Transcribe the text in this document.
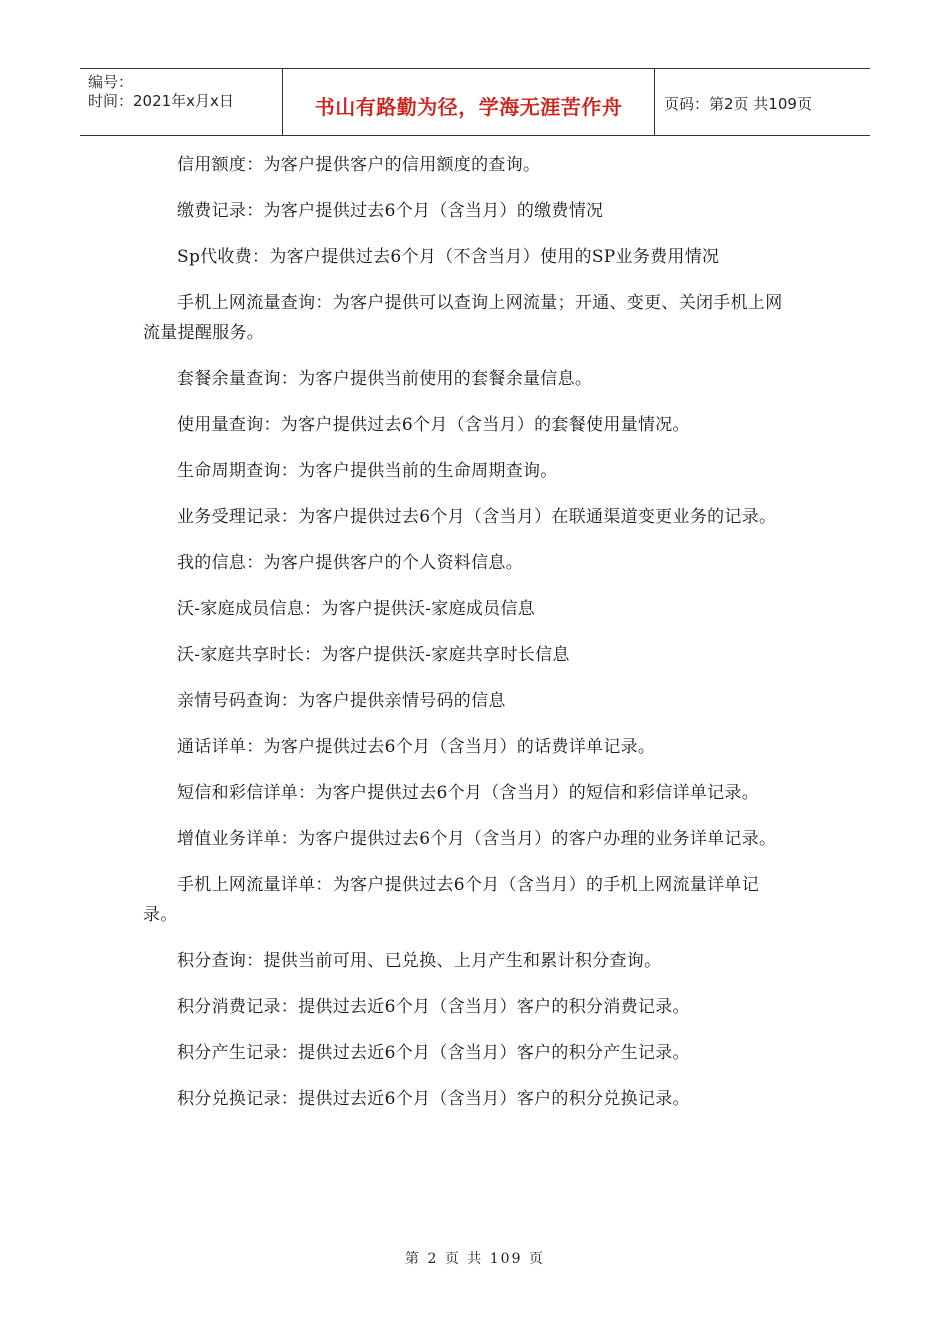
编号：
时间：2021年x月x日	书山有路勤为径，学海无涯苦作舟	页码：第2页 共109页

信用额度：为客户提供客户的信用额度的查询。

缴费记录：为客户提供过去6个月（含当月）的缴费情况

Sp代收费：为客户提供过去6个月（不含当月）使用的SP业务费用情况

手机上网流量查询：为客户提供可以查询上网流量；开通、变更、关闭手机上网流量提醒服务。

套餐余量查询：为客户提供当前使用的套餐余量信息。

使用量查询：为客户提供过去6个月（含当月）的套餐使用量情况。

生命周期查询：为客户提供当前的生命周期查询。

业务受理记录：为客户提供过去6个月（含当月）在联通渠道变更业务的记录。

我的信息：为客户提供客户的个人资料信息。

沃-家庭成员信息：为客户提供沃-家庭成员信息

沃-家庭共享时长：为客户提供沃-家庭共享时长信息

亲情号码查询：为客户提供亲情号码的信息

通话详单：为客户提供过去6个月（含当月）的话费详单记录。

短信和彩信详单：为客户提供过去6个月（含当月）的短信和彩信详单记录。

增值业务详单：为客户提供过去6个月（含当月）的客户办理的业务详单记录。

手机上网流量详单：为客户提供过去6个月（含当月）的手机上网流量详单记录。

积分查询：提供当前可用、已兑换、上月产生和累计积分查询。

积分消费记录：提供过去近6个月（含当月）客户的积分消费记录。

积分产生记录：提供过去近6个月（含当月）客户的积分产生记录。

积分兑换记录：提供过去近6个月（含当月）客户的积分兑换记录。

第 2 页 共 109 页
